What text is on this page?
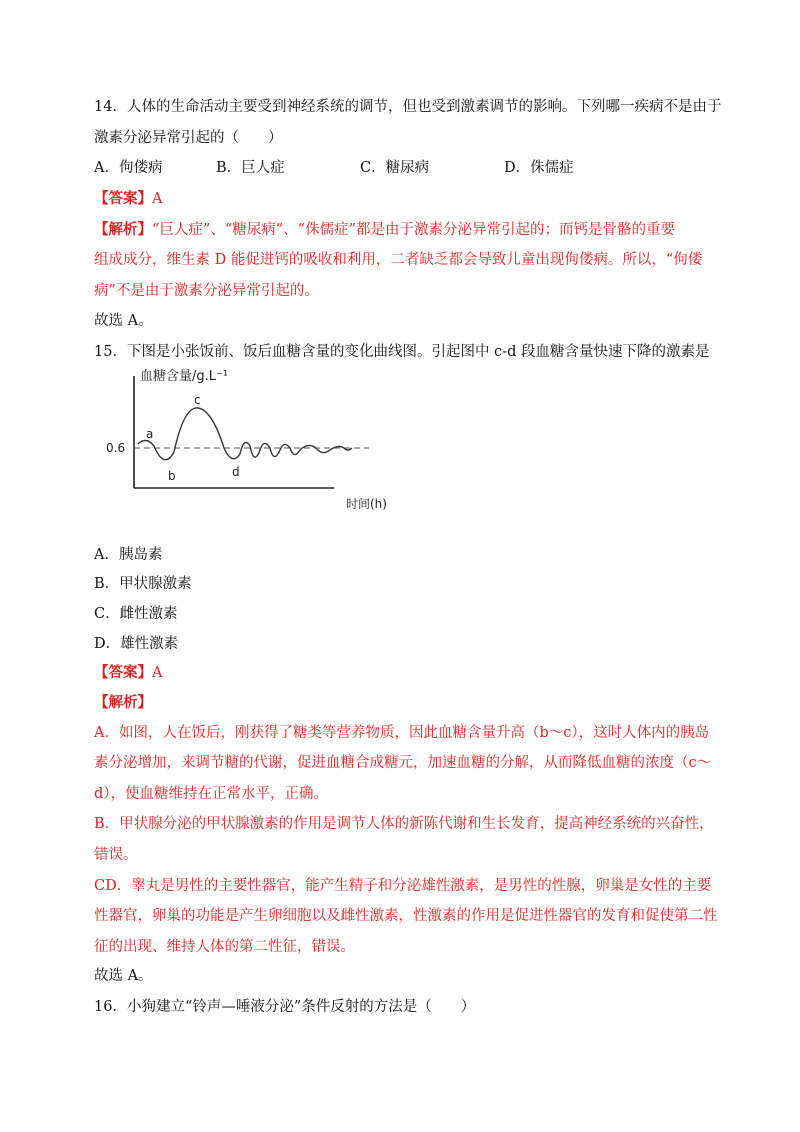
14．人体的生命活动主要受到神经系统的调节，但也受到激素调节的影响。下列哪一疾病不是由于
激素分泌异常引起的（　　）
A．佝偻病	B．巨人症	C．糖尿病	D．侏儒症
【答案】A
【解析】“巨人症”、“糖尿病”、“侏儒症”都是由于激素分泌异常引起的；而钙是骨骼的重要
组成成分，维生素 D 能促进钙的吸收和利用，二者缺乏都会导致儿童出现佝偻病。所以，“佝偻
病”不是由于激素分泌异常引起的。
故选 A。
15．下图是小张饭前、饭后血糖含量的变化曲线图。引起图中 c-d 段血糖含量快速下降的激素是
血糖含量/g.L⁻¹
0.6
a
b
c
d
时间(h)
A．胰岛素
B．甲状腺激素
C．雌性激素
D．雄性激素
【答案】A
【解析】
A．如图，人在饭后，刚获得了糖类等营养物质，因此血糖含量升高（b～c），这时人体内的胰岛
素分泌增加，来调节糖的代谢，促进血糖合成糖元，加速血糖的分解，从而降低血糖的浓度（c～
d），使血糖维持在正常水平，正确。
B．甲状腺分泌的甲状腺激素的作用是调节人体的新陈代谢和生长发育，提高神经系统的兴奋性，
错误。
CD．睾丸是男性的主要性器官，能产生精子和分泌雄性激素，是男性的性腺，卵巢是女性的主要
性器官，卵巢的功能是产生卵细胞以及雌性激素，性激素的作用是促进性器官的发育和促使第二性
征的出现、维持人体的第二性征，错误。
故选 A。
16．小狗建立“铃声—唾液分泌”条件反射的方法是（　　）
